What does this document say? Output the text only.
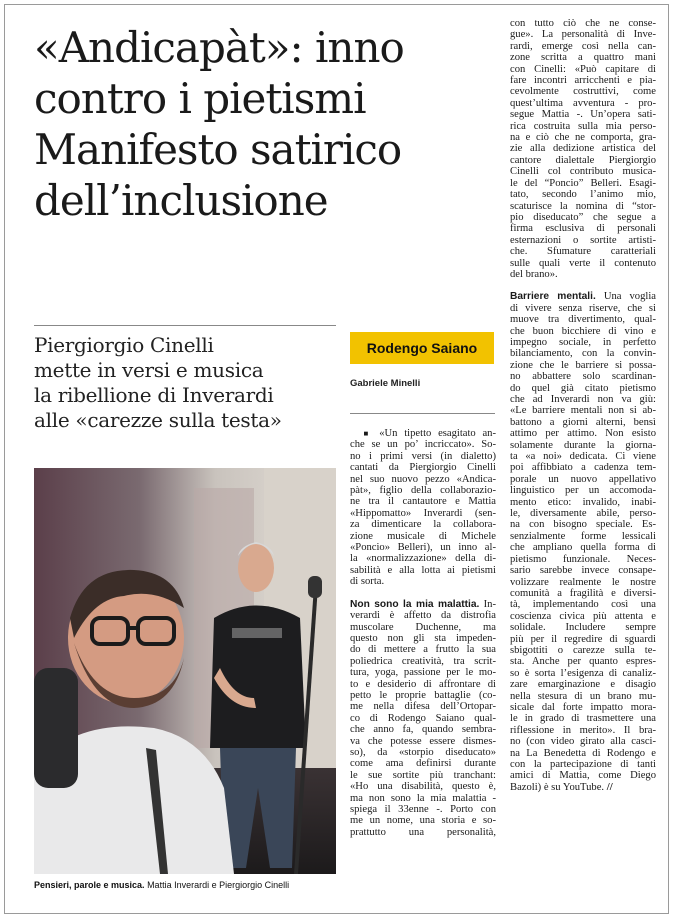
«Andicapàt»: inno
contro i pietismi
Manifesto satirico
dell’inclusione
Piergiorgio Cinelli
mette in versi e musica
la ribellione di Inverardi
alle «carezze sulla testa»
Pensieri, parole e musica. Mattia Inverardi e Piergiorgio Cinelli
Rodengo Saiano
Gabriele Minelli
■ «Un tipetto esagitato an-
che se un po’ incriccato». So-
no i primi versi (in dialetto)
cantati da Piergiorgio Cinelli
nel suo nuovo pezzo «Andica-
pàt», figlio della collaborazio-
ne tra il cantautore e Mattia
«Hippomatto» Inverardi (sen-
za dimenticare la collabora-
zione musicale di Michele
«Poncio» Belleri), un inno al-
la «normalizzazione» della di-
sabilità e alla lotta ai pietismi
di sorta.
Non sono la mia malattia. In-
verardi è affetto da distrofia
muscolare Duchenne, ma
questo non gli sta impeden-
do di mettere a frutto la sua
poliedrica creatività, tra scrit-
tura, yoga, passione per le mo-
to e desiderio di affrontare di
petto le proprie battaglie (co-
me nella difesa dell’Ortopar-
co di Rodengo Saiano qual-
che anno fa, quando sembra-
va che potesse essere dismes-
so), da «storpio diseducato»
come ama definirsi durante
le sue sortite più tranchant:
«Ho una disabilità, questo è,
ma non sono la mia malattia -
spiega il 33enne -. Porto con
me un nome, una storia e so-
prattutto una personalità,
con tutto ciò che ne conse-
gue». La personalità di Inve-
rardi, emerge così nella can-
zone scritta a quattro mani
con Cinelli: «Può capitare di
fare incontri arricchenti e pia-
cevolmente costruttivi, come
quest’ultima avventura - pro-
segue Mattia -. Un’opera sati-
rica costruita sulla mia perso-
na e ciò che ne comporta, gra-
zie alla dedizione artistica del
cantore dialettale Piergiorgio
Cinelli col contributo musica-
le del “Poncio” Belleri. Esagi-
tato, secondo l’animo mio,
scaturisce la nomina di “stor-
pio diseducato” che segue a
firma esclusiva di personali
esternazioni o sortite artisti-
che. Sfumature caratteriali
sulle quali verte il contenuto
del brano».
Barriere mentali. Una voglia
di vivere senza riserve, che si
muove tra divertimento, qual-
che buon bicchiere di vino e
impegno sociale, in perfetto
bilanciamento, con la convin-
zione che le barriere si possa-
no abbattere solo scardinan-
do quel già citato pietismo
che ad Inverardi non va giù:
«Le barriere mentali non si ab-
battono a giorni alterni, bensì
attimo per attimo. Non esisto
solamente durante la giorna-
ta «a noi» dedicata. Ci viene
poi affibbiato a cadenza tem-
porale un nuovo appellativo
linguistico per un accomoda-
mento etico: invalido, inabi-
le, diversamente abile, perso-
na con bisogno speciale. Es-
senzialmente forme lessicali
che ampliano quella forma di
pietismo funzionale. Neces-
sario sarebbe invece consape-
volizzare realmente le nostre
comunità a fragilità e diversi-
tà, implementando così una
coscienza civica più attenta e
solidale. Includere sempre
più per il regredire di sguardi
sbigottiti o carezze sulla te-
sta. Anche per quanto espres-
so è sorta l’esigenza di canaliz-
zare emarginazione e disagio
nella stesura di un brano mu-
sicale dal forte impatto mora-
le in grado di trasmettere una
riflessione in merito». Il bra-
no (con video girato alla casci-
na La Benedetta di Rodengo e
con la partecipazione di tanti
amici di Mattia, come Diego
Bazoli) è su YouTube. //
